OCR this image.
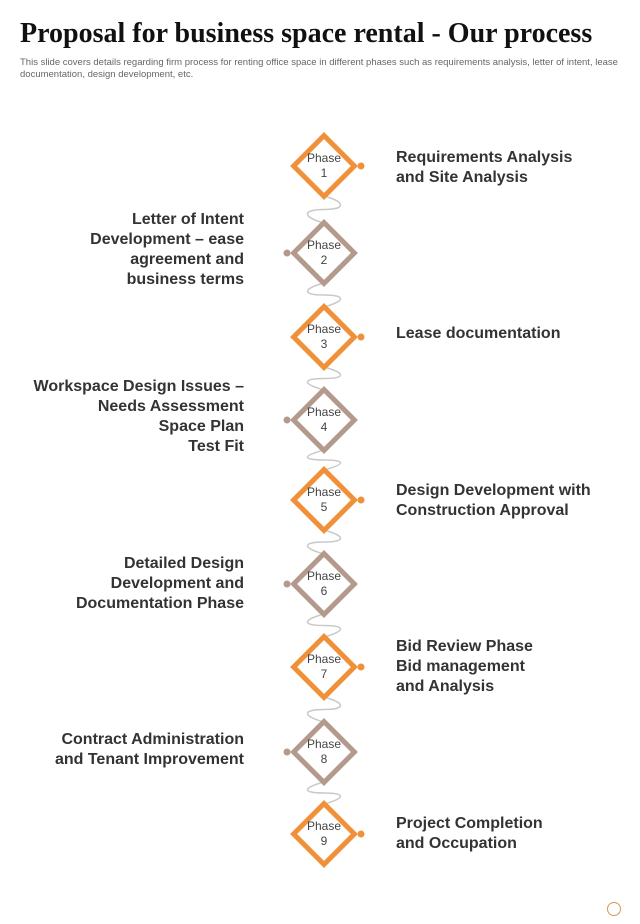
Proposal for business space rental - Our process

This slide covers details regarding firm process for renting office space in different phases such as requirements analysis, letter of intent, lease documentation, design development, etc.

Phase
1
Requirements Analysis
and Site Analysis
Phase
2
Letter of Intent
Development – ease
agreement and
business terms
Phase
3
Lease documentation
Phase
4
Workspace Design Issues –
Needs Assessment
Space Plan
Test Fit
Phase
5
Design Development with
Construction Approval
Phase
6
Detailed Design
Development and
Documentation Phase
Phase
7
Bid Review Phase
Bid management
and Analysis
Phase
8
Contract Administration
and Tenant Improvement
Phase
9
Project Completion
and Occupation
